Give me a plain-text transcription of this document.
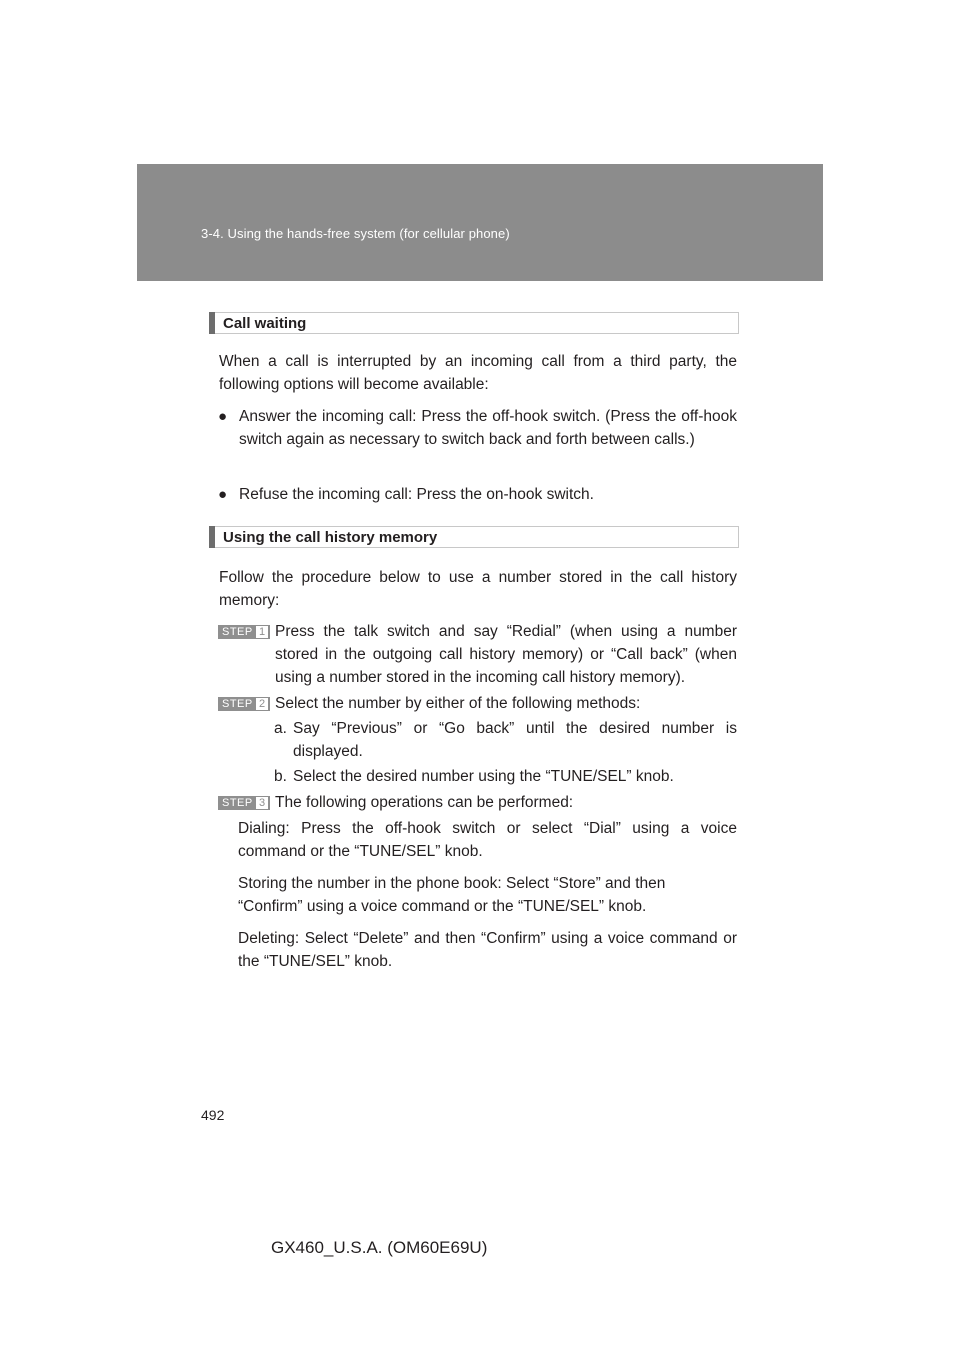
3-4. Using the hands-free system (for cellular phone)
Call waiting
When a call is interrupted by an incoming call from a third party, the following options will become available:
● Answer the incoming call: Press the off-hook switch. (Press the off-hook switch again as necessary to switch back and forth between calls.)
● Refuse the incoming call: Press the on-hook switch.
Using the call history memory
Follow the procedure below to use a number stored in the call history memory:
STEP 1 Press the talk switch and say “Redial” (when using a number stored in the outgoing call history memory) or “Call back” (when using a number stored in the incoming call history memory).
STEP 2 Select the number by either of the following methods:
a. Say “Previous” or “Go back” until the desired number is displayed.
b. Select the desired number using the “TUNE/SEL” knob.
STEP 3 The following operations can be performed:
Dialing: Press the off-hook switch or select “Dial” using a voice command or the “TUNE/SEL” knob.
Storing the number in the phone book: Select “Store” and then “Confirm” using a voice command or the “TUNE/SEL” knob.
Deleting: Select “Delete” and then “Confirm” using a voice command or the “TUNE/SEL” knob.
492
GX460_U.S.A. (OM60E69U)
